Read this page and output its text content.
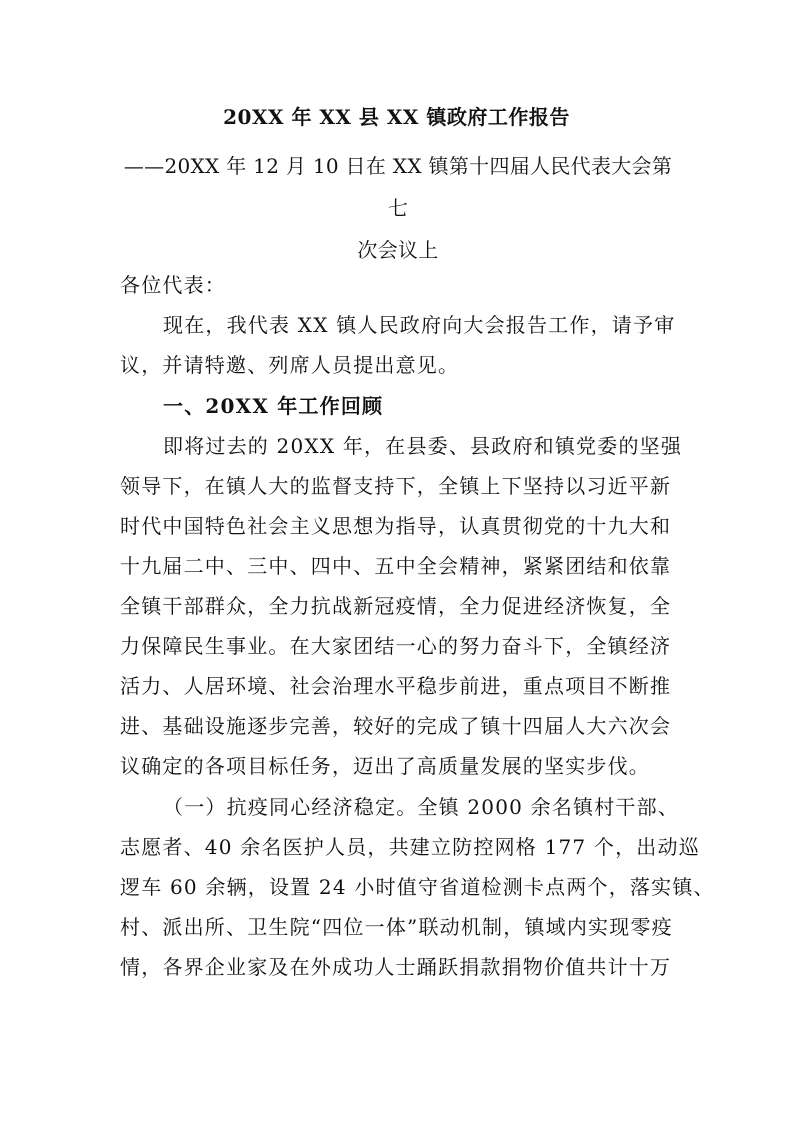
20XX 年 XX 县 XX 镇政府工作报告
——20XX 年 12 月 10 日在 XX 镇第十四届人民代表大会第七
次会议上
各位代表：
现在，我代表 XX 镇人民政府向大会报告工作，请予审
议，并请特邀、列席人员提出意见。
一、20XX 年工作回顾
即将过去的 20XX 年，在县委、县政府和镇党委的坚强
领导下，在镇人大的监督支持下，全镇上下坚持以习近平新
时代中国特色社会主义思想为指导，认真贯彻党的十九大和
十九届二中、三中、四中、五中全会精神，紧紧团结和依靠
全镇干部群众，全力抗战新冠疫情，全力促进经济恢复，全
力保障民生事业。在大家团结一心的努力奋斗下，全镇经济
活力、人居环境、社会治理水平稳步前进，重点项目不断推
进、基础设施逐步完善，较好的完成了镇十四届人大六次会
议确定的各项目标任务，迈出了高质量发展的坚实步伐。
（一）抗疫同心经济稳定。全镇 2000 余名镇村干部、
志愿者、40 余名医护人员，共建立防控网格 177 个，出动巡
逻车 60 余辆，设置 24 小时值守省道检测卡点两个，落实镇、
村、派出所、卫生院“四位一体”联动机制，镇域内实现零疫
情，各界企业家及在外成功人士踊跃捐款捐物价值共计十万
